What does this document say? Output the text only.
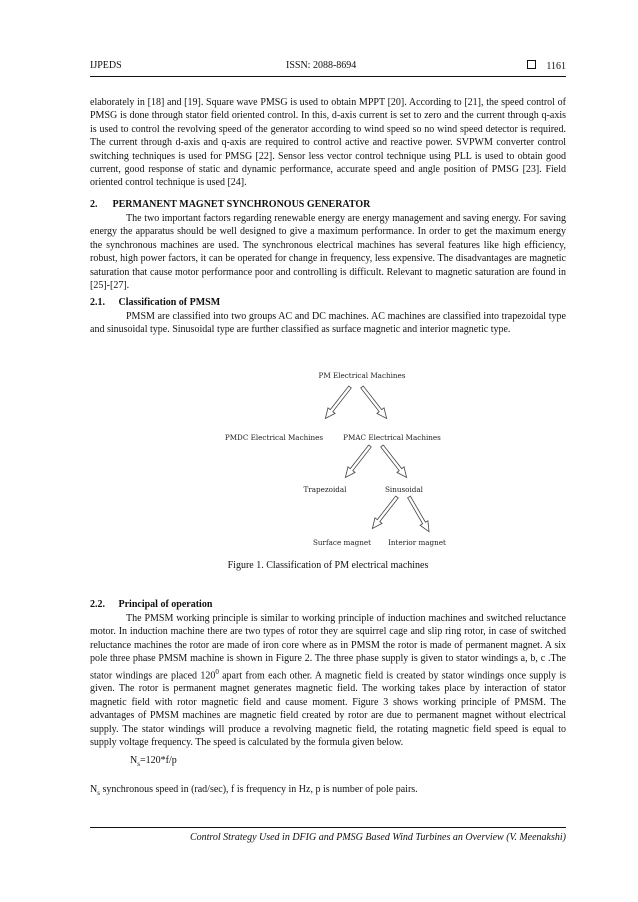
IJPEDS	ISSN: 2088-8694	1161

elaborately in [18] and [19]. Square wave PMSG is used to obtain MPPT [20]. According to [21], the speed control of PMSG is done through stator field oriented control. In this, d-axis current is set to zero and the current through q-axis is used to control the revolving speed of the generator according to wind speed so no wind speed detector is required. The current through d-axis and q-axis are required to control active and reactive power. SVPWM converter control switching techniques is used for PMSG [22]. Sensor less vector control technique using PLL is used to obtain good current, good response of static and dynamic performance, accurate speed and angle position of PMSG [23]. Field oriented control technique is used [24].

2. PERMANENT MAGNET SYNCHRONOUS GENERATOR

The two important factors regarding renewable energy are energy management and saving energy. For saving energy the apparatus should be well designed to give a maximum performance. In order to get the maximum energy the synchronous machines are used. The synchronous electrical machines has several features like high efficiency, robust, high power factors, it can be operated for change in frequency, less expensive. The disadvantages are magnetic saturation that cause motor performance poor and controlling is difficult. Relevant to magnetic saturation are found in [25]-[27].

2.1. Classification of PMSM

PMSM are classified into two groups AC and DC machines. AC machines are classified into trapezoidal type and sinusoidal type. Sinusoidal type are further classified as surface magnetic and interior magnetic type.

PM Electrical Machines
PMDC Electrical Machines	PMAC Electrical Machines
Trapezoidal	Sinusoidal
Surface magnet Interior magnet
Figure 1. Classification of PM electrical machines

2.2. Principal of operation

The PMSM working principle is similar to working principle of induction machines and switched reluctance motor. In induction machine there are two types of rotor they are squirrel cage and slip ring rotor, in case of switched reluctance machines the rotor are made of iron core where as in PMSM the rotor is made of permanent magnet. A six pole three phase PMSM machine is shown in Figure 2. The three phase supply is given to stator windings a, b, c .The stator windings are placed $120^0$ apart from each other. A magnetic field is created by stator windings once supply is given. The rotor is permanent magnet generates magnetic field. The working takes place by interaction of stator magnetic field with rotor magnetic field and cause moment. Figure 3 shows working principle of PMSM. The advantages of PMSM machines are magnetic field created by rotor are due to permanent magnet without electrical supply. The stator windings will produce a revolving magnetic field, the rotating magnetic field speed is equal to supply voltage frequency. The speed is calculated by the formula given below.

$N_s=120*f/p$
$N_s$ synchronous speed in (rad/sec), f is frequency in Hz, p is number of pole pairs.
Control Strategy Used in DFIG and PMSG Based Wind Turbines an Overview (V. Meenakshi)
